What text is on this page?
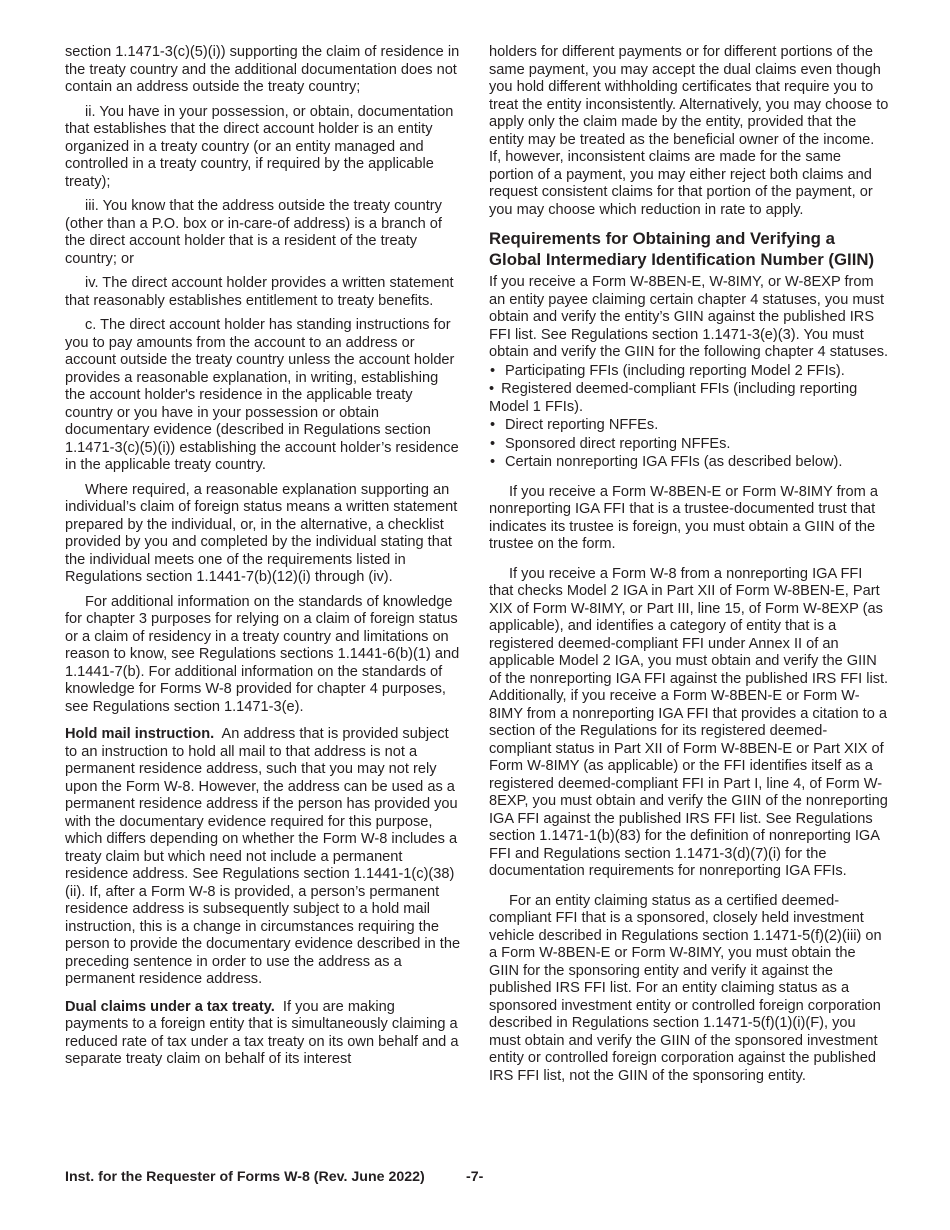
section 1.1471-3(c)(5)(i)) supporting the claim of residence in the treaty country and the additional documentation does not contain an address outside the treaty country;

ii. You have in your possession, or obtain, documentation that establishes that the direct account holder is an entity organized in a treaty country (or an entity managed and controlled in a treaty country, if required by the applicable treaty);

iii. You know that the address outside the treaty country (other than a P.O. box or in-care-of address) is a branch of the direct account holder that is a resident of the treaty country; or

iv. The direct account holder provides a written statement that reasonably establishes entitlement to treaty benefits.

c. The direct account holder has standing instructions for you to pay amounts from the account to an address or account outside the treaty country unless the account holder provides a reasonable explanation, in writing, establishing the account holder's residence in the applicable treaty country or you have in your possession or obtain documentary evidence (described in Regulations section 1.1471-3(c)(5)(i)) establishing the account holder’s residence in the applicable treaty country.

Where required, a reasonable explanation supporting an individual’s claim of foreign status means a written statement prepared by the individual, or, in the alternative, a checklist provided by you and completed by the individual stating that the individual meets one of the requirements listed in Regulations section 1.1441-7(b)(12)(i) through (iv).

For additional information on the standards of knowledge for chapter 3 purposes for relying on a claim of foreign status or a claim of residency in a treaty country and limitations on reason to know, see Regulations sections 1.1441-6(b)(1) and 1.1441-7(b). For additional information on the standards of knowledge for Forms W-8 provided for chapter 4 purposes, see Regulations section 1.1471-3(e).

Hold mail instruction. An address that is provided subject to an instruction to hold all mail to that address is not a permanent residence address, such that you may not rely upon the Form W-8. However, the address can be used as a permanent residence address if the person has provided you with the documentary evidence required for this purpose, which differs depending on whether the Form W-8 includes a treaty claim but which need not include a permanent residence address. See Regulations section 1.1441-1(c)(38)(ii). If, after a Form W-8 is provided, a person’s permanent residence address is subsequently subject to a hold mail instruction, this is a change in circumstances requiring the person to provide the documentary evidence described in the preceding sentence in order to use the address as a permanent residence address.

Dual claims under a tax treaty. If you are making payments to a foreign entity that is simultaneously claiming a reduced rate of tax under a tax treaty on its own behalf and a separate treaty claim on behalf of its interest

holders for different payments or for different portions of the same payment, you may accept the dual claims even though you hold different withholding certificates that require you to treat the entity inconsistently. Alternatively, you may choose to apply only the claim made by the entity, provided that the entity may be treated as the beneficial owner of the income. If, however, inconsistent claims are made for the same portion of a payment, you may either reject both claims and request consistent claims for that portion of the payment, or you may choose which reduction in rate to apply.

Requirements for Obtaining and Verifying a Global Intermediary Identification Number (GIIN)

If you receive a Form W-8BEN-E, W-8IMY, or W-8EXP from an entity payee claiming certain chapter 4 statuses, you must obtain and verify the entity’s GIIN against the published IRS FFI list. See Regulations section 1.1471-3(e)(3). You must obtain and verify the GIIN for the following chapter 4 statuses.

• Participating FFIs (including reporting Model 2 FFIs).
• Registered deemed-compliant FFIs (including reporting Model 1 FFIs).
• Direct reporting NFFEs.
• Sponsored direct reporting NFFEs.
• Certain nonreporting IGA FFIs (as described below).

If you receive a Form W-8BEN-E or Form W-8IMY from a nonreporting IGA FFI that is a trustee-documented trust that indicates its trustee is foreign, you must obtain a GIIN of the trustee on the form.

If you receive a Form W-8 from a nonreporting IGA FFI that checks Model 2 IGA in Part XII of Form W-8BEN-E, Part XIX of Form W-8IMY, or Part III, line 15, of Form W-8EXP (as applicable), and identifies a category of entity that is a registered deemed-compliant FFI under Annex II of an applicable Model 2 IGA, you must obtain and verify the GIIN of the nonreporting IGA FFI against the published IRS FFI list. Additionally, if you receive a Form W-8BEN-E or Form W-8IMY from a nonreporting IGA FFI that provides a citation to a section of the Regulations for its registered deemed-compliant status in Part XII of Form W-8BEN-E or Part XIX of Form W-8IMY (as applicable) or the FFI identifies itself as a registered deemed-compliant FFI in Part I, line 4, of Form W-8EXP, you must obtain and verify the GIIN of the nonreporting IGA FFI against the published IRS FFI list. See Regulations section 1.1471-1(b)(83) for the definition of nonreporting IGA FFI and Regulations section 1.1471-3(d)(7)(i) for the documentation requirements for nonreporting IGA FFIs.

For an entity claiming status as a certified deemed-compliant FFI that is a sponsored, closely held investment vehicle described in Regulations section 1.1471-5(f)(2)(iii) on a Form W-8BEN-E or Form W-8IMY, you must obtain the GIIN for the sponsoring entity and verify it against the published IRS FFI list. For an entity claiming status as a sponsored investment entity or controlled foreign corporation described in Regulations section 1.1471-5(f)(1)(i)(F), you must obtain and verify the GIIN of the sponsored investment entity or controlled foreign corporation against the published IRS FFI list, not the GIIN of the sponsoring entity.

Inst. for the Requester of Forms W-8 (Rev. June 2022)	-7-
